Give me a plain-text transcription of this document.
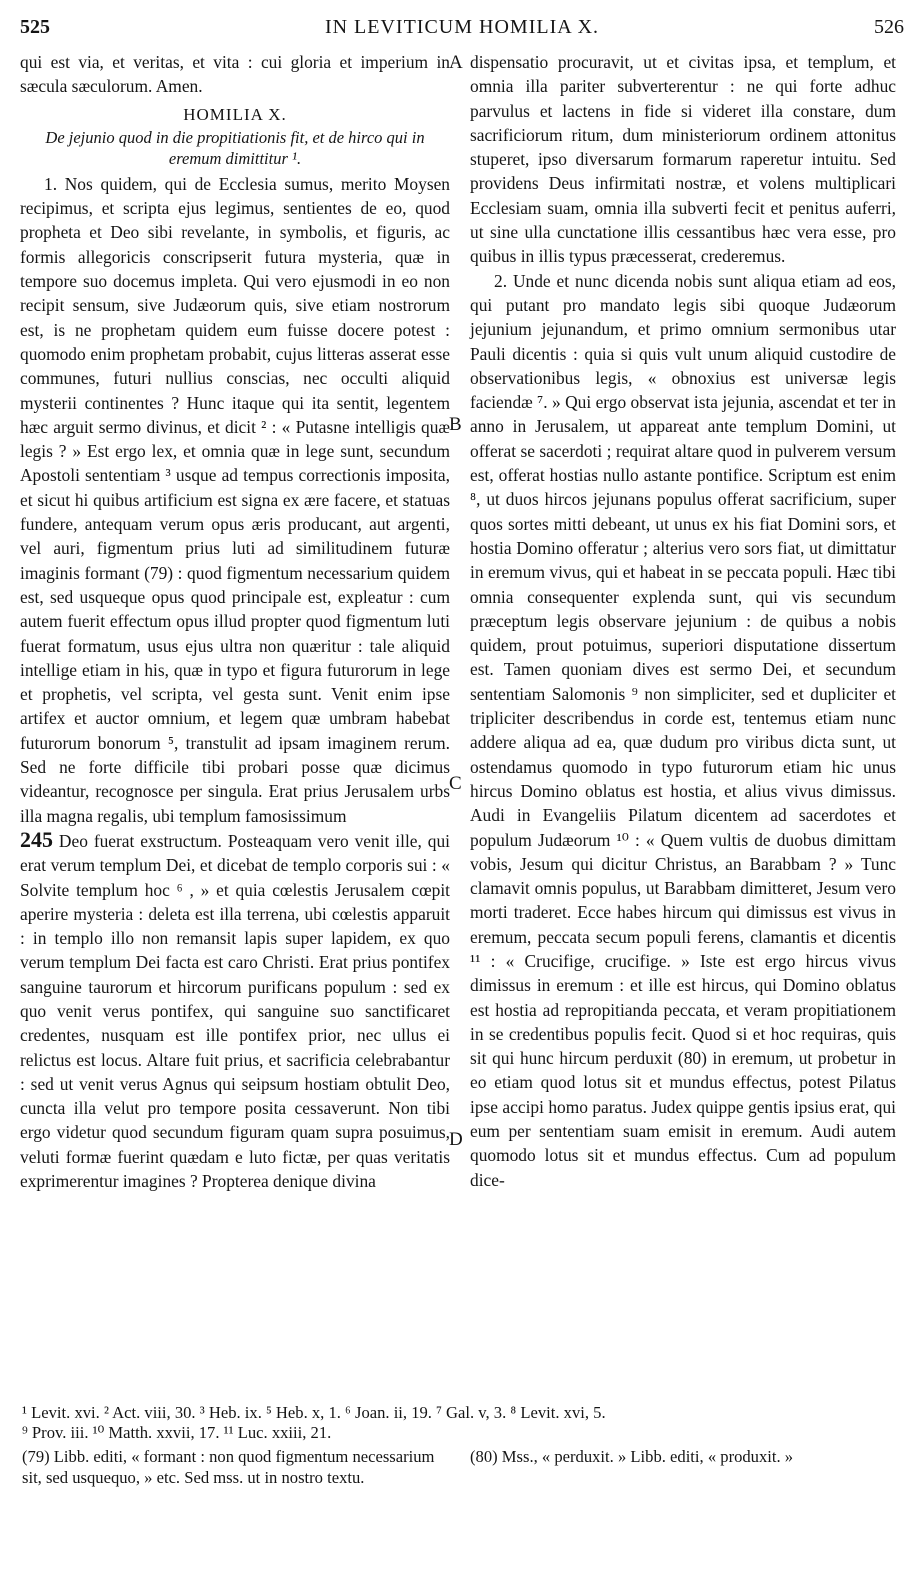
525	IN LEVITICUM HOMILIA X.	526
A
B
C
D

qui est via, et veritas, et vita : cui gloria et imperium in sæcula sæculorum. Amen.

HOMILIA X.

De jejunio quod in die propitiationis fit, et de hirco qui in eremum dimittitur ¹.

1. Nos quidem, qui de Ecclesia sumus, merito Moysen recipimus, et scripta ejus legimus, sentientes de eo, quod propheta et Deo sibi revelante, in symbolis, et figuris, ac formis allegoricis conscripserit futura mysteria, quæ in tempore suo docemus impleta. Qui vero ejusmodi in eo non recipit sensum, sive Judæorum quis, sive etiam nostrorum est, is ne prophetam quidem eum fuisse docere potest : quomodo enim prophetam probabit, cujus litteras asserat esse communes, futuri nullius conscias, nec occulti aliquid mysterii continentes ? Hunc itaque qui ita sentit, legentem hæc arguit sermo divinus, et dicit ² : « Putasne intelligis quæ legis ? » Est ergo lex, et omnia quæ in lege sunt, secundum Apostoli sententiam ³ usque ad tempus correctionis imposita, et sicut hi quibus artificium est signa ex ære facere, et statuas fundere, antequam verum opus æris producant, aut argenti, vel auri, figmentum prius luti ad similitudinem futuræ imaginis formant (79) : quod figmentum necessarium quidem est, sed usqueque opus quod principale est, expleatur : cum autem fuerit effectum opus illud propter quod figmentum luti fuerat formatum, usus ejus ultra non quæritur : tale aliquid intellige etiam in his, quæ in typo et figura futurorum in lege et prophetis, vel scripta, vel gesta sunt. Venit enim ipse artifex et auctor omnium, et legem quæ umbram habebat futurorum bonorum ⁵, transtulit ad ipsam imaginem rerum. Sed ne forte difficile tibi probari posse quæ dicimus videantur, recognosce per singula. Erat prius Jerusalem urbs illa magna regalis, ubi templum famosissimum

245 Deo fuerat exstructum. Posteaquam vero venit ille, qui erat verum templum Dei, et dicebat de templo corporis sui : « Solvite templum hoc ⁶ , » et quia cœlestis Jerusalem cœpit aperire mysteria : deleta est illa terrena, ubi cœlestis apparuit : in templo illo non remansit lapis super lapidem, ex quo verum templum Dei facta est caro Christi. Erat prius pontifex sanguine taurorum et hircorum purificans populum : sed ex quo venit verus pontifex, qui sanguine suo sanctificaret credentes, nusquam est ille pontifex prior, nec ullus ei relictus est locus. Altare fuit prius, et sacrificia celebrabantur : sed ut venit verus Agnus qui seipsum hostiam obtulit Deo, cuncta illa velut pro tempore posita cessaverunt. Non tibi ergo videtur quod secundum figuram quam supra posuimus, veluti formæ fuerint quædam e luto fictæ, per quas veritatis exprimerentur imagines ? Propterea denique divina

dispensatio procuravit, ut et civitas ipsa, et templum, et omnia illa pariter subverterentur : ne qui forte adhuc parvulus et lactens in fide si videret illa constare, dum sacrificiorum ritum, dum ministeriorum ordinem attonitus stuperet, ipso diversarum formarum raperetur intuitu. Sed providens Deus infirmitati nostræ, et volens multiplicari Ecclesiam suam, omnia illa subverti fecit et penitus auferri, ut sine ulla cunctatione illis cessantibus hæc vera esse, pro quibus in illis typus præcesserat, crederemus.

2. Unde et nunc dicenda nobis sunt aliqua etiam ad eos, qui putant pro mandato legis sibi quoque Judæorum jejunium jejunandum, et primo omnium sermonibus utar Pauli dicentis : quia si quis vult unum aliquid custodire de observationibus legis, « obnoxius est universæ legis faciendæ ⁷. » Qui ergo observat ista jejunia, ascendat et ter in anno in Jerusalem, ut appareat ante templum Domini, ut offerat se sacerdoti ; requirat altare quod in pulverem versum est, offerat hostias nullo astante pontifice. Scriptum est enim ⁸, ut duos hircos jejunans populus offerat sacrificium, super quos sortes mitti debeant, ut unus ex his fiat Domini sors, et hostia Domino offeratur ; alterius vero sors fiat, ut dimittatur in eremum vivus, qui et habeat in se peccata populi. Hæc tibi omnia consequenter explenda sunt, qui vis secundum præceptum legis observare jejunium : de quibus a nobis quidem, prout potuimus, superiori disputatione dissertum est. Tamen quoniam dives est sermo Dei, et secundum sententiam Salomonis ⁹ non simpliciter, sed et dupliciter et tripliciter describendus in corde est, tentemus etiam nunc addere aliqua ad ea, quæ dudum pro viribus dicta sunt, ut ostendamus quomodo in typo futurorum etiam hic unus hircus Domino oblatus est hostia, et alius vivus dimissus. Audi in Evangeliis Pilatum dicentem ad sacerdotes et populum Judæorum ¹⁰ : « Quem vultis de duobus dimittam vobis, Jesum qui dicitur Christus, an Barabbam ? » Tunc clamavit omnis populus, ut Barabbam dimitteret, Jesum vero morti traderet. Ecce habes hircum qui dimissus est vivus in eremum, peccata secum populi ferens, clamantis et dicentis ¹¹ : « Crucifige, crucifige. » Iste est ergo hircus vivus dimissus in eremum : et ille est hircus, qui Domino oblatus est hostia ad repropitianda peccata, et veram propitiationem in se credentibus populis fecit. Quod si et hoc requiras, quis sit qui hunc hircum perduxit (80) in eremum, ut probetur in eo etiam quod lotus sit et mundus effectus, potest Pilatus ipse accipi homo paratus. Judex quippe gentis ipsius erat, qui eum per sententiam suam emisit in eremum. Audi autem quomodo lotus sit et mundus effectus. Cum ad populum dice-

¹ Levit. xvi. ² Act. viii, 30. ³ Heb. ix. ⁵ Heb. x, 1. ⁶ Joan. ii, 19. ⁷ Gal. v, 3. ⁸ Levit. xvi, 5.
⁹ Prov. iii. ¹⁰ Matth. xxvii, 17. ¹¹ Luc. xxiii, 21.
(79) Libb. editi, « formant : non quod figmentum necessarium sit, sed usquequo, » etc. Sed mss. ut in nostro textu.
(80) Mss., « perduxit. » Libb. editi, « produxit. »
